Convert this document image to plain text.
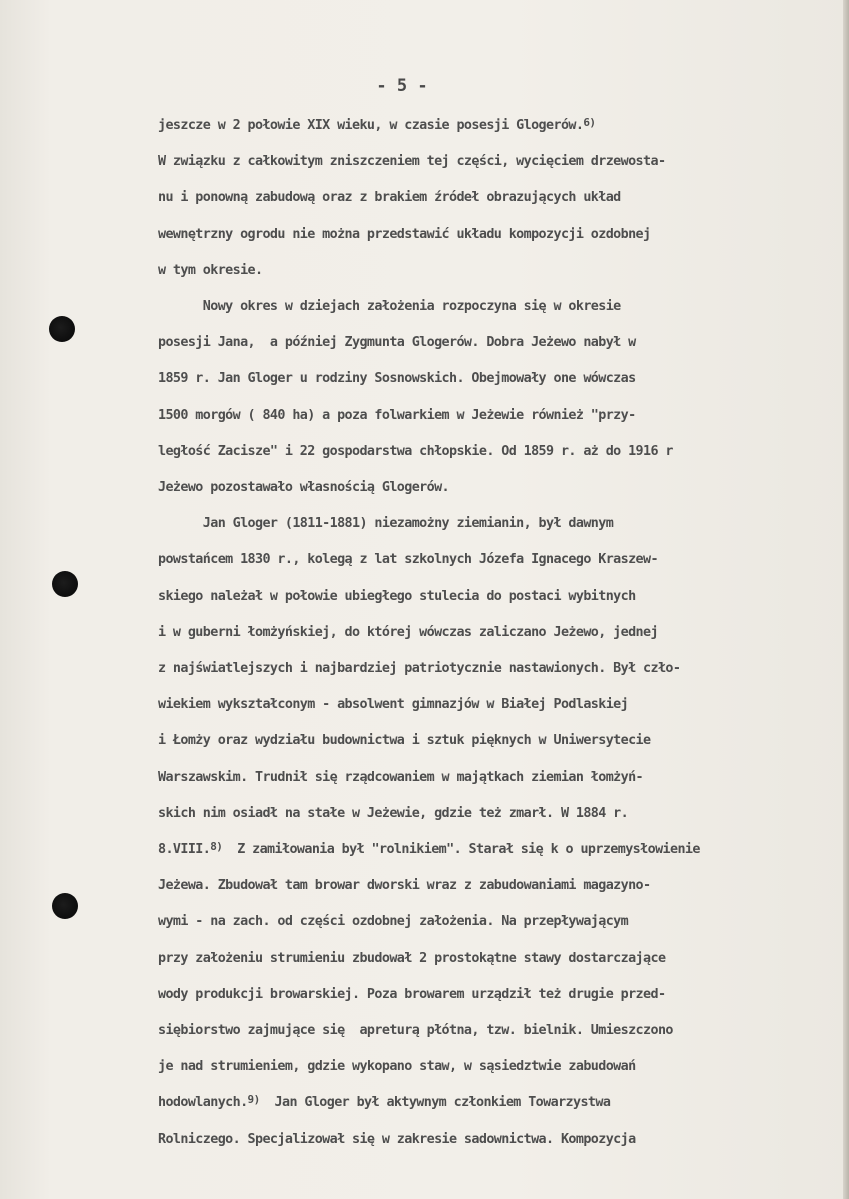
- 5 -
jeszcze w 2 połowie XIX wieku, w czasie posesji Glogerów.$^{6)}$
W związku z całkowitym zniszczeniem tej części, wycięciem drzewosta-
nu i ponowną zabudową oraz z brakiem źródeł obrazujących układ
wewnętrzny ogrodu nie można przedstawić układu kompozycji ozdobnej
w tym okresie.
Nowy okres w dziejach założenia rozpoczyna się w okresie
posesji Jana,  a później Zygmunta Glogerów. Dobra Jeżewo nabył w
1859 r. Jan Gloger u rodziny Sosnowskich. Obejmowały one wówczas
1500 morgów ( 840 ha) a poza folwarkiem w Jeżewie również "przy-
ległość Zacisze" i 22 gospodarstwa chłopskie. Od 1859 r. aż do 1916 r
Jeżewo pozostawało własnością Glogerów.
Jan Gloger (1811-1881) niezamożny ziemianin, był dawnym
powstańcem 1830 r., kolegą z lat szkolnych Józefa Ignacego Kraszew-
skiego należał w połowie ubiegłego stulecia do postaci wybitnych
i w guberni łomżyńskiej, do której wówczas zaliczano Jeżewo, jednej
z najświatlejszych i najbardziej patriotycznie nastawionych. Był czło-
wiekiem wykształconym - absolwent gimnazjów w Białej Podlaskiej
i Łomży oraz wydziału budownictwa i sztuk pięknych w Uniwersytecie
Warszawskim. Trudnił się rządcowaniem w majątkach ziemian łomżyń-
skich nim osiadł na stałe w Jeżewie, gdzie też zmarł. W 1884 r.
8.VIII.$^{8)}$  Z zamiłowania był "rolnikiem". Starał się k o uprzemysłowienie
Jeżewa. Zbudował tam browar dworski wraz z zabudowaniami magazyno-
wymi - na zach. od części ozdobnej założenia. Na przepływającym
przy założeniu strumieniu zbudował 2 prostokątne stawy dostarczające
wody produkcji browarskiej. Poza browarem urządził też drugie przed-
siębiorstwo zajmujące się  apreturą płótna, tzw. bielnik. Umieszczono
je nad strumieniem, gdzie wykopano staw, w sąsiedztwie zabudowań
hodowlanych.$^{9)}$  Jan Gloger był aktywnym członkiem Towarzystwa
Rolniczego. Specjalizował się w zakresie sadownictwa. Kompozycja
